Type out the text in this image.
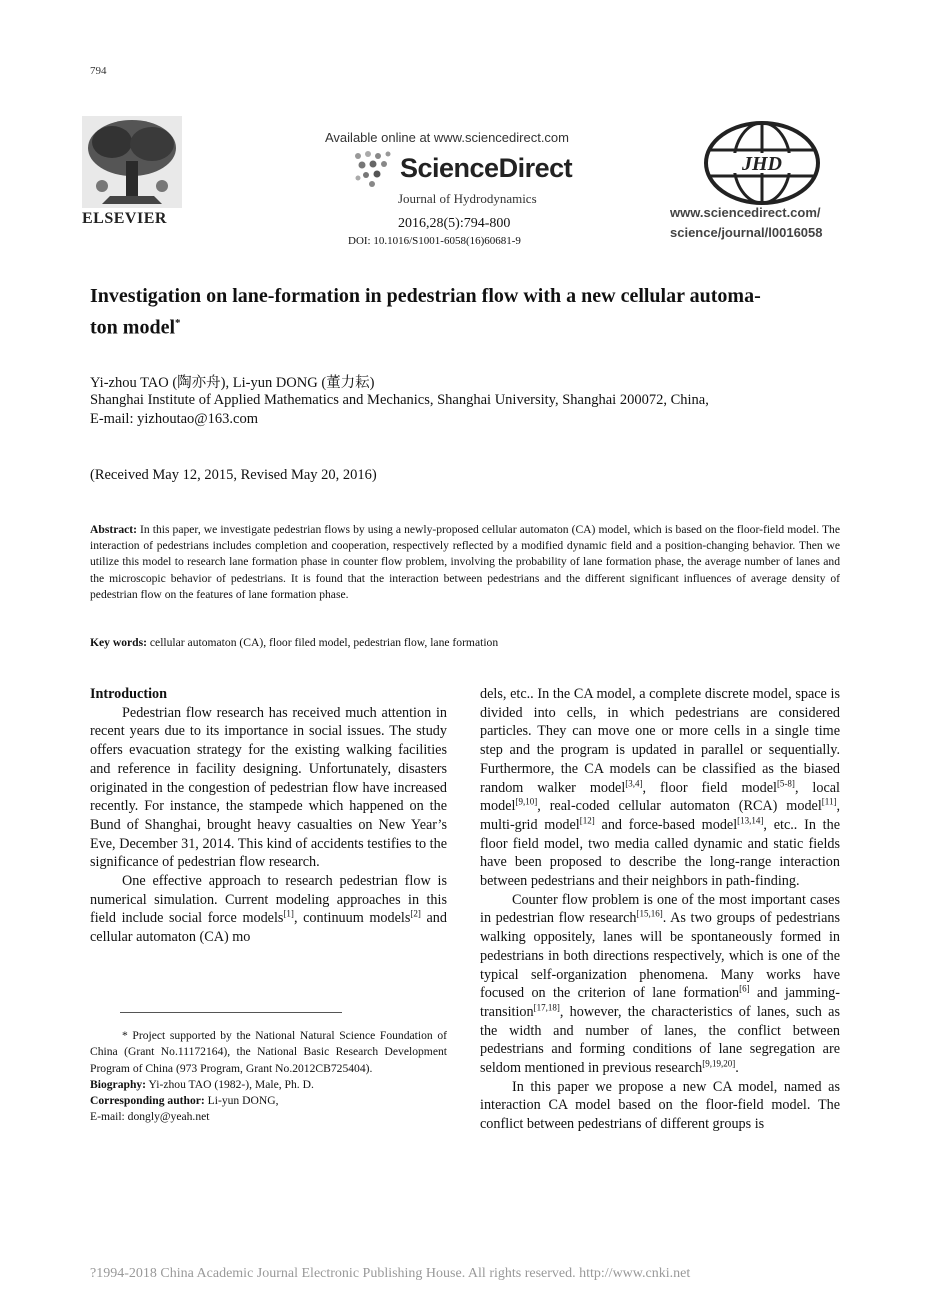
794
ELSEVIER
Available online at www.sciencedirect.com
ScienceDirect
Journal of Hydrodynamics
2016,28(5):794-800
DOI: 10.1016/S1001-6058(16)60681-9
JHD
www.sciencedirect.com/
science/journal/l0016058
Investigation on lane-formation in pedestrian flow with a new cellular automa-
ton model*
Yi-zhou TAO (陶亦舟), Li-yun DONG (董力耘)
Shanghai Institute of Applied Mathematics and Mechanics, Shanghai University, Shanghai 200072, China,
E-mail: yizhoutao@163.com
(Received May 12, 2015, Revised May 20, 2016)
Abstract: In this paper, we investigate pedestrian flows by using a newly-proposed cellular automaton (CA) model, which is based on the floor-field model. The interaction of pedestrians includes completion and cooperation, respectively reflected by a modified dynamic field and a position-changing behavior. Then we utilize this model to research lane formation phase in counter flow problem, involving the probability of lane formation phase, the average number of lanes and the microscopic behavior of pedestrians. It is found that the interaction between pedestrians and the different significant influences of average density of pedestrian flow on the features of lane formation phase.
Key words: cellular automaton (CA), floor filed model, pedestrian flow, lane formation

Introduction

Pedestrian flow research has received much attention in recent years due to its importance in social issues. The study offers evacuation strategy for the existing walking facilities and reference in facility designing. Unfortunately, disasters originated in the congestion of pedestrian flow have increased recently. For instance, the stampede which happened on the Bund of Shanghai, brought heavy casualties on New Year’s Eve, December 31, 2014. This kind of accidents testifies to the significance of pedestrian flow research.

One effective approach to research pedestrian flow is numerical simulation. Current modeling approaches in this field include social force models[1], continuum models[2] and cellular automaton (CA) mo

* Project supported by the National Natural Science Foundation of China (Grant No.11172164), the National Basic Research Development Program of China (973 Program, Grant No.2012CB725404).

Biography: Yi-zhou TAO (1982-), Male, Ph. D.

Corresponding author: Li-yun DONG,

E-mail: dongly@yeah.net

dels, etc.. In the CA model, a complete discrete model, space is divided into cells, in which pedestrians are considered particles. They can move one or more cells in a single time step and the program is updated in parallel or sequentially. Furthermore, the CA models can be classified as the biased random walker model[3,4], floor field model[5-8], local model[9,10], real-coded cellular automaton (RCA) model[11], multi-grid model[12] and force-based model[13,14], etc.. In the floor field model, two media called dynamic and static fields have been proposed to describe the long-range interaction between pedestrians and their neighbors in path-finding.

Counter flow problem is one of the most important cases in pedestrian flow research[15,16]. As two groups of pedestrians walking oppositely, lanes will be spontaneously formed in pedestrians in both directions respectively, which is one of the typical self-organization phenomena. Many works have focused on the criterion of lane formation[6] and jamming-transition[17,18], however, the characteristics of lanes, such as the width and number of lanes, the conflict between pedestrians and forming conditions of lane segregation are seldom mentioned in previous research[9,19,20].

In this paper we propose a new CA model, named as interaction CA model based on the floor-field model. The conflict between pedestrians of different groups is

?1994-2018 China Academic Journal Electronic Publishing House. All rights reserved. http://www.cnki.net
